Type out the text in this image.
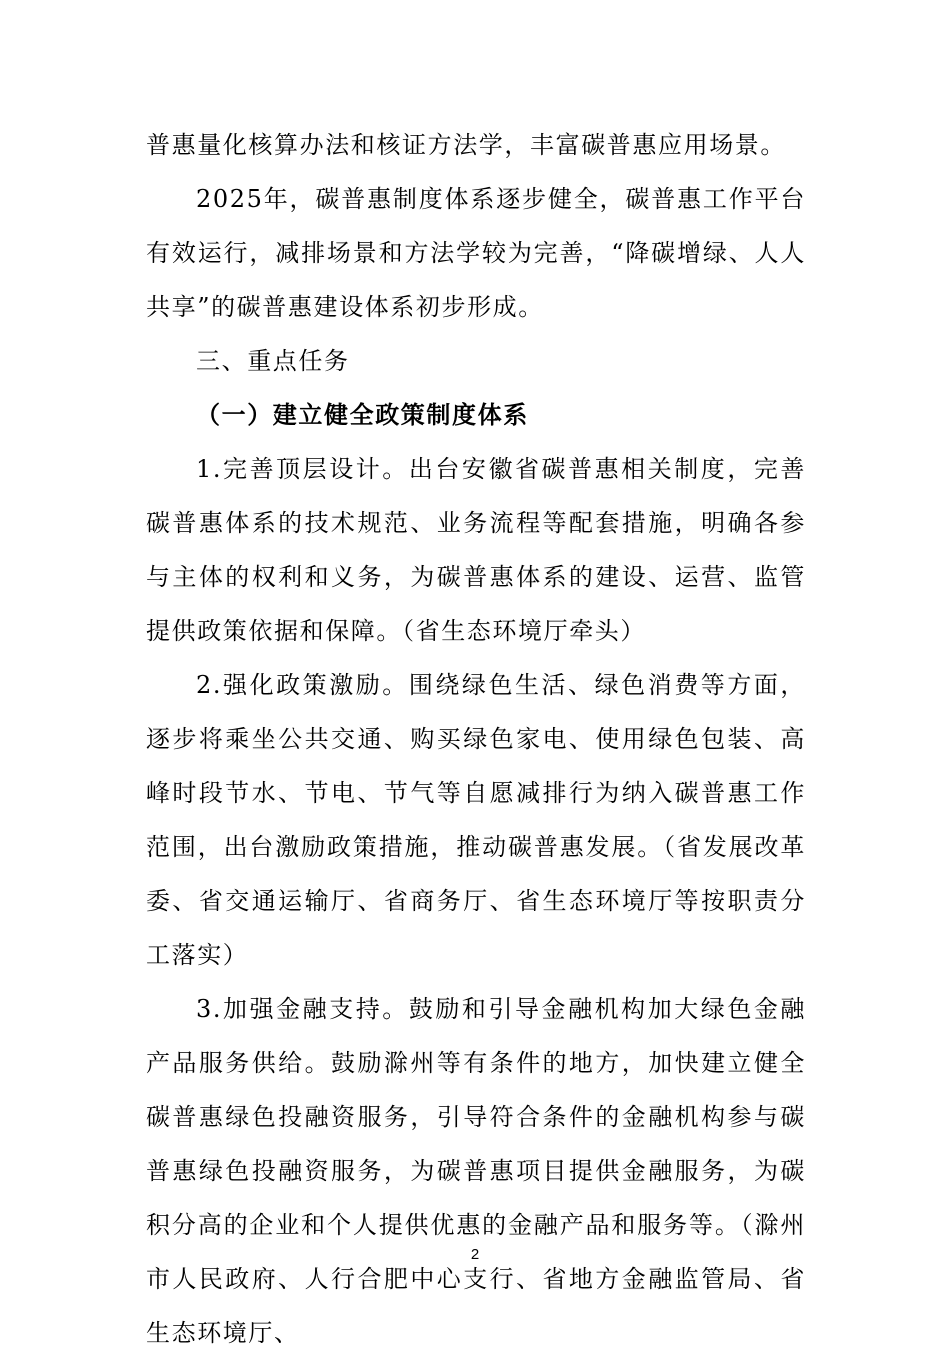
普惠量化核算办法和核证方法学，丰富碳普惠应用场景。

2025年，碳普惠制度体系逐步健全，碳普惠工作平台有效运行，减排场景和方法学较为完善，“降碳增绿、人人共享”的碳普惠建设体系初步形成。

三、重点任务

（一）建立健全政策制度体系

1.完善顶层设计。出台安徽省碳普惠相关制度，完善碳普惠体系的技术规范、业务流程等配套措施，明确各参与主体的权利和义务，为碳普惠体系的建设、运营、监管提供政策依据和保障。（省生态环境厅牵头）

2.强化政策激励。围绕绿色生活、绿色消费等方面，逐步将乘坐公共交通、购买绿色家电、使用绿色包装、高峰时段节水、节电、节气等自愿减排行为纳入碳普惠工作范围，出台激励政策措施，推动碳普惠发展。（省发展改革委、省交通运输厅、省商务厅、省生态环境厅等按职责分工落实）

3.加强金融支持。鼓励和引导金融机构加大绿色金融产品服务供给。鼓励滁州等有条件的地方，加快建立健全碳普惠绿色投融资服务，引导符合条件的金融机构参与碳普惠绿色投融资服务，为碳普惠项目提供金融服务，为碳积分高的企业和个人提供优惠的金融产品和服务等。（滁州市人民政府、人行合肥中心支行、省地方金融监管局、省生态环境厅、

2
